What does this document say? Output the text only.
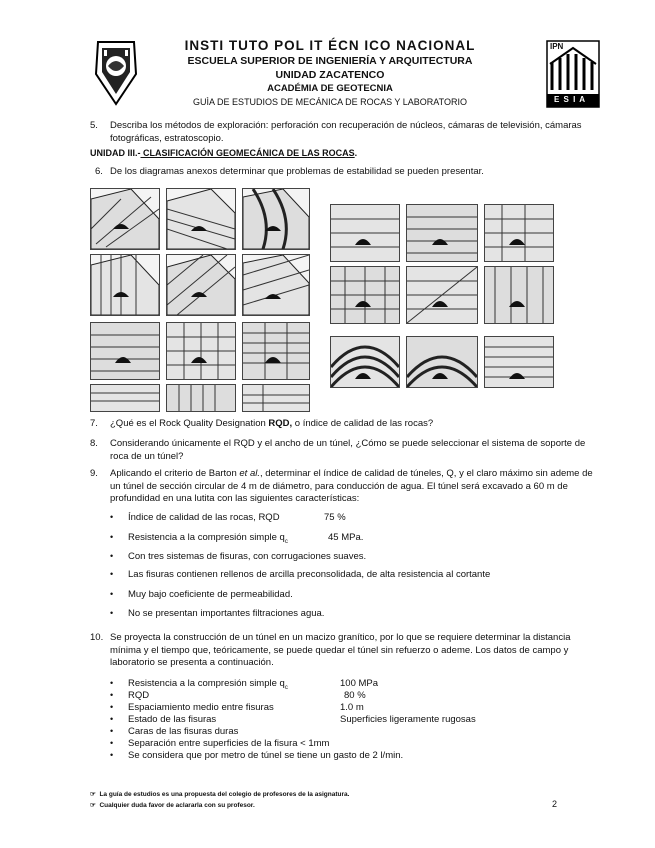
IPN
E S I A
INSTI TUTO POL IT ÉCN ICO NACIONAL
ESCUELA SUPERIOR DE INGENIERÍA Y ARQUITECTURA
UNIDAD ZACATENCO
ACADÉMIA DE GEOTECNIA
GUÌA DE ESTUDIOS DE MECÁNICA DE ROCAS Y LABORATORIO
5. Describa los métodos de exploración: perforación con recuperación de núcleos, cámaras de televisión, cámaras fotográficas, estratoscopio.
UNIDAD III.- CLASIFICACIÓN GEOMECÁNICA DE LAS ROCAS.
6. De los diagramas anexos determinar que problemas de estabilidad se pueden presentar.
7. ¿Qué es el Rock Quality Designation RQD, o índice de calidad de las rocas?
8. Considerando únicamente el RQD y el ancho de un túnel, ¿Cómo se puede seleccionar el sistema de soporte de roca de un túnel?
9. Aplicando el criterio de Barton et al., determinar el índice de calidad de túneles, Q, y el claro máximo sin ademe de un túnel de sección circular de 4 m de diámetro, para conducción de agua. El túnel será excavado a 60 m de profundidad en una lutita con las siguientes características:
• Índice de calidad de las rocas, RQD	75 %
• Resistencia a la compresión simple $q_c$	45 MPa.
• Con tres sistemas de fisuras, con corrugaciones suaves.
• Las fisuras contienen rellenos de arcilla preconsolidada, de alta resistencia al cortante
• Muy bajo coeficiente de permeabilidad.
• No se presentan importantes filtraciones agua.
10. Se proyecta la construcción de un túnel en un macizo granítico, por lo que se requiere determinar la distancia mínima y el tiempo que, teóricamente, se puede quedar el túnel sin refuerzo o ademe. Los datos de campo y laboratorio se presenta a continuación.
• Resistencia a la compresión simple $q_c$	100 MPa
• RQD	80 %
• Espaciamiento medio entre fisuras	1.0 m
• Estado de las fisuras	Superficies ligeramente rugosas
• Caras de las fisuras duras
• Separación entre superficies de la fisura < 1mm
• Se considera que por metro de túnel se tiene un gasto de 2 l/min.
☞ La guía de estudios es una propuesta del colegio de profesores de la asignatura.
☞ Cualquier duda favor de aclararla con su profesor.	2
